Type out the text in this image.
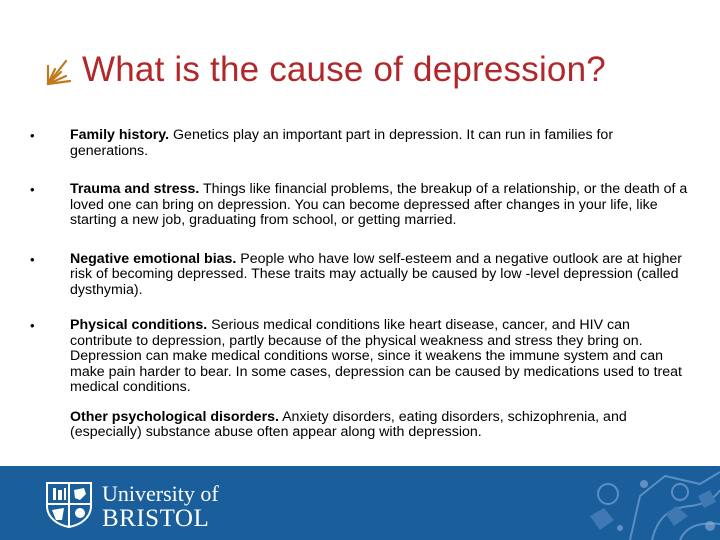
What is the cause of depression?
•	Family history. Genetics play an important part in depression. It can run in families for generations.
•	Trauma and stress. Things like financial problems, the breakup of a relationship, or the death of a loved one can bring on depression. You can become depressed after changes in your life, like starting a new job, graduating from school, or getting married.
•	Negative emotional bias. People who have low self-esteem and a negative outlook are at higher risk of becoming depressed. These traits may actually be caused by low -level depression (called dysthymia).
•	Physical conditions. Serious medical conditions like heart disease, cancer, and HIV can contribute to depression, partly because of the physical weakness and stress they bring on. Depression can make medical conditions worse, since it weakens the immune system and can make pain harder to bear. In some cases, depression can be caused by medications used to treat medical conditions.
Other psychological disorders. Anxiety disorders, eating disorders, schizophrenia, and (especially) substance abuse often appear along with depression.
University of
BRISTOL
